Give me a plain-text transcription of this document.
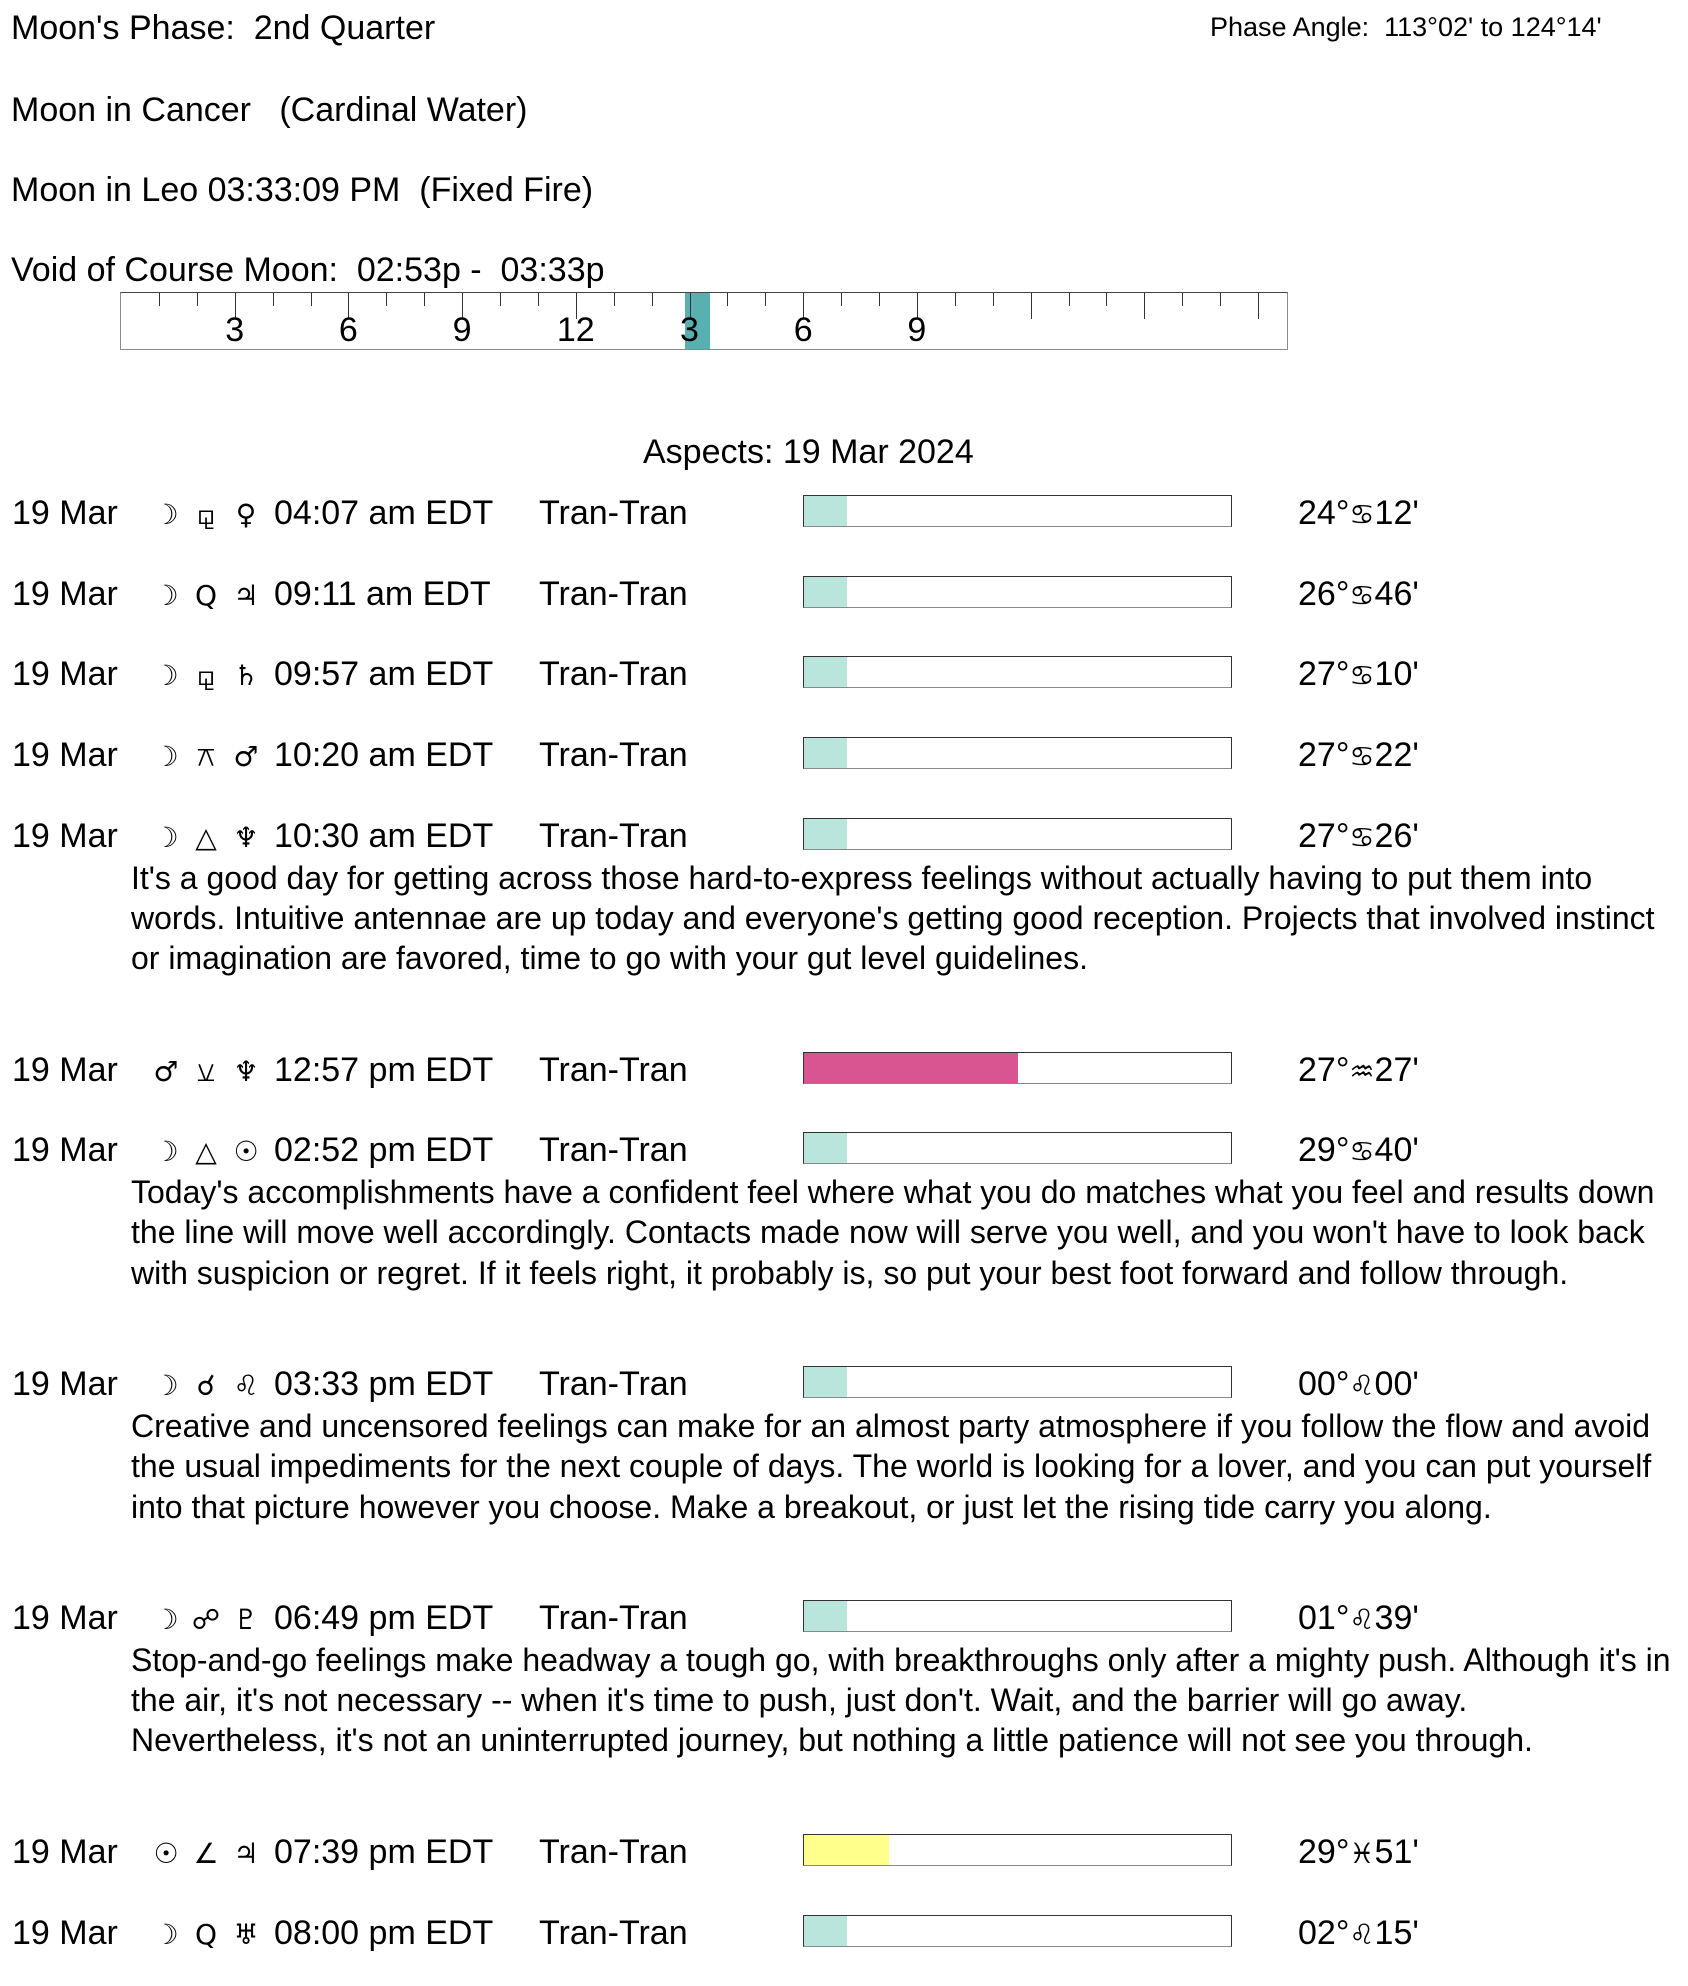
Moon's Phase:  2nd Quarter	Phase Angle:  113°02' to 124°14'
Moon in Cancer   (Cardinal Water)
Moon in Leo 03:33:09 PM  (Fixed Fire)
Void of Course Moon:  02:53p -  03:33p
3	6	9	12	3	6	9
Aspects: 19 Mar 2024
19 Mar ☽ ⚼ ♀ 04:07 am EDT Tran-Tran	24°♋12'
19 Mar ☽ Q ♃ 09:11 am EDT Tran-Tran	26°♋46'
19 Mar ☽ ⚼ ♄ 09:57 am EDT Tran-Tran	27°♋10'
19 Mar ☽ ⚻ ♂ 10:20 am EDT Tran-Tran	27°♋22'
19 Mar ☽ △ ♆ 10:30 am EDT Tran-Tran	27°♋26'
It's a good day for getting across those hard-to-express feelings without actually having to put them into words. Intuitive antennae are up today and everyone's getting good reception. Projects that involved instinct or imagination are favored, time to go with your gut level guidelines.
19 Mar ♂ ⚺ ♆ 12:57 pm EDT Tran-Tran	27°♒27'
19 Mar ☽ △ ☉ 02:52 pm EDT Tran-Tran	29°♋40'
Today's accomplishments have a confident feel where what you do matches what you feel and results down the line will move well accordingly. Contacts made now will serve you well, and you won't have to look back with suspicion or regret. If it feels right, it probably is, so put your best foot forward and follow through.
19 Mar ☽ ☌ ♌ 03:33 pm EDT Tran-Tran	00°♌00'
Creative and uncensored feelings can make for an almost party atmosphere if you follow the flow and avoid the usual impediments for the next couple of days. The world is looking for a lover, and you can put yourself into that picture however you choose. Make a breakout, or just let the rising tide carry you along.
19 Mar ☽ ☍ ♇ 06:49 pm EDT Tran-Tran	01°♌39'
Stop-and-go feelings make headway a tough go, with breakthroughs only after a mighty push. Although it's in the air, it's not necessary -- when it's time to push, just don't. Wait, and the barrier will go away. Nevertheless, it's not an uninterrupted journey, but nothing a little patience will not see you through.
19 Mar ☉ ∠ ♃ 07:39 pm EDT Tran-Tran	29°♓51'
19 Mar ☽ Q ♅ 08:00 pm EDT Tran-Tran	02°♌15'
